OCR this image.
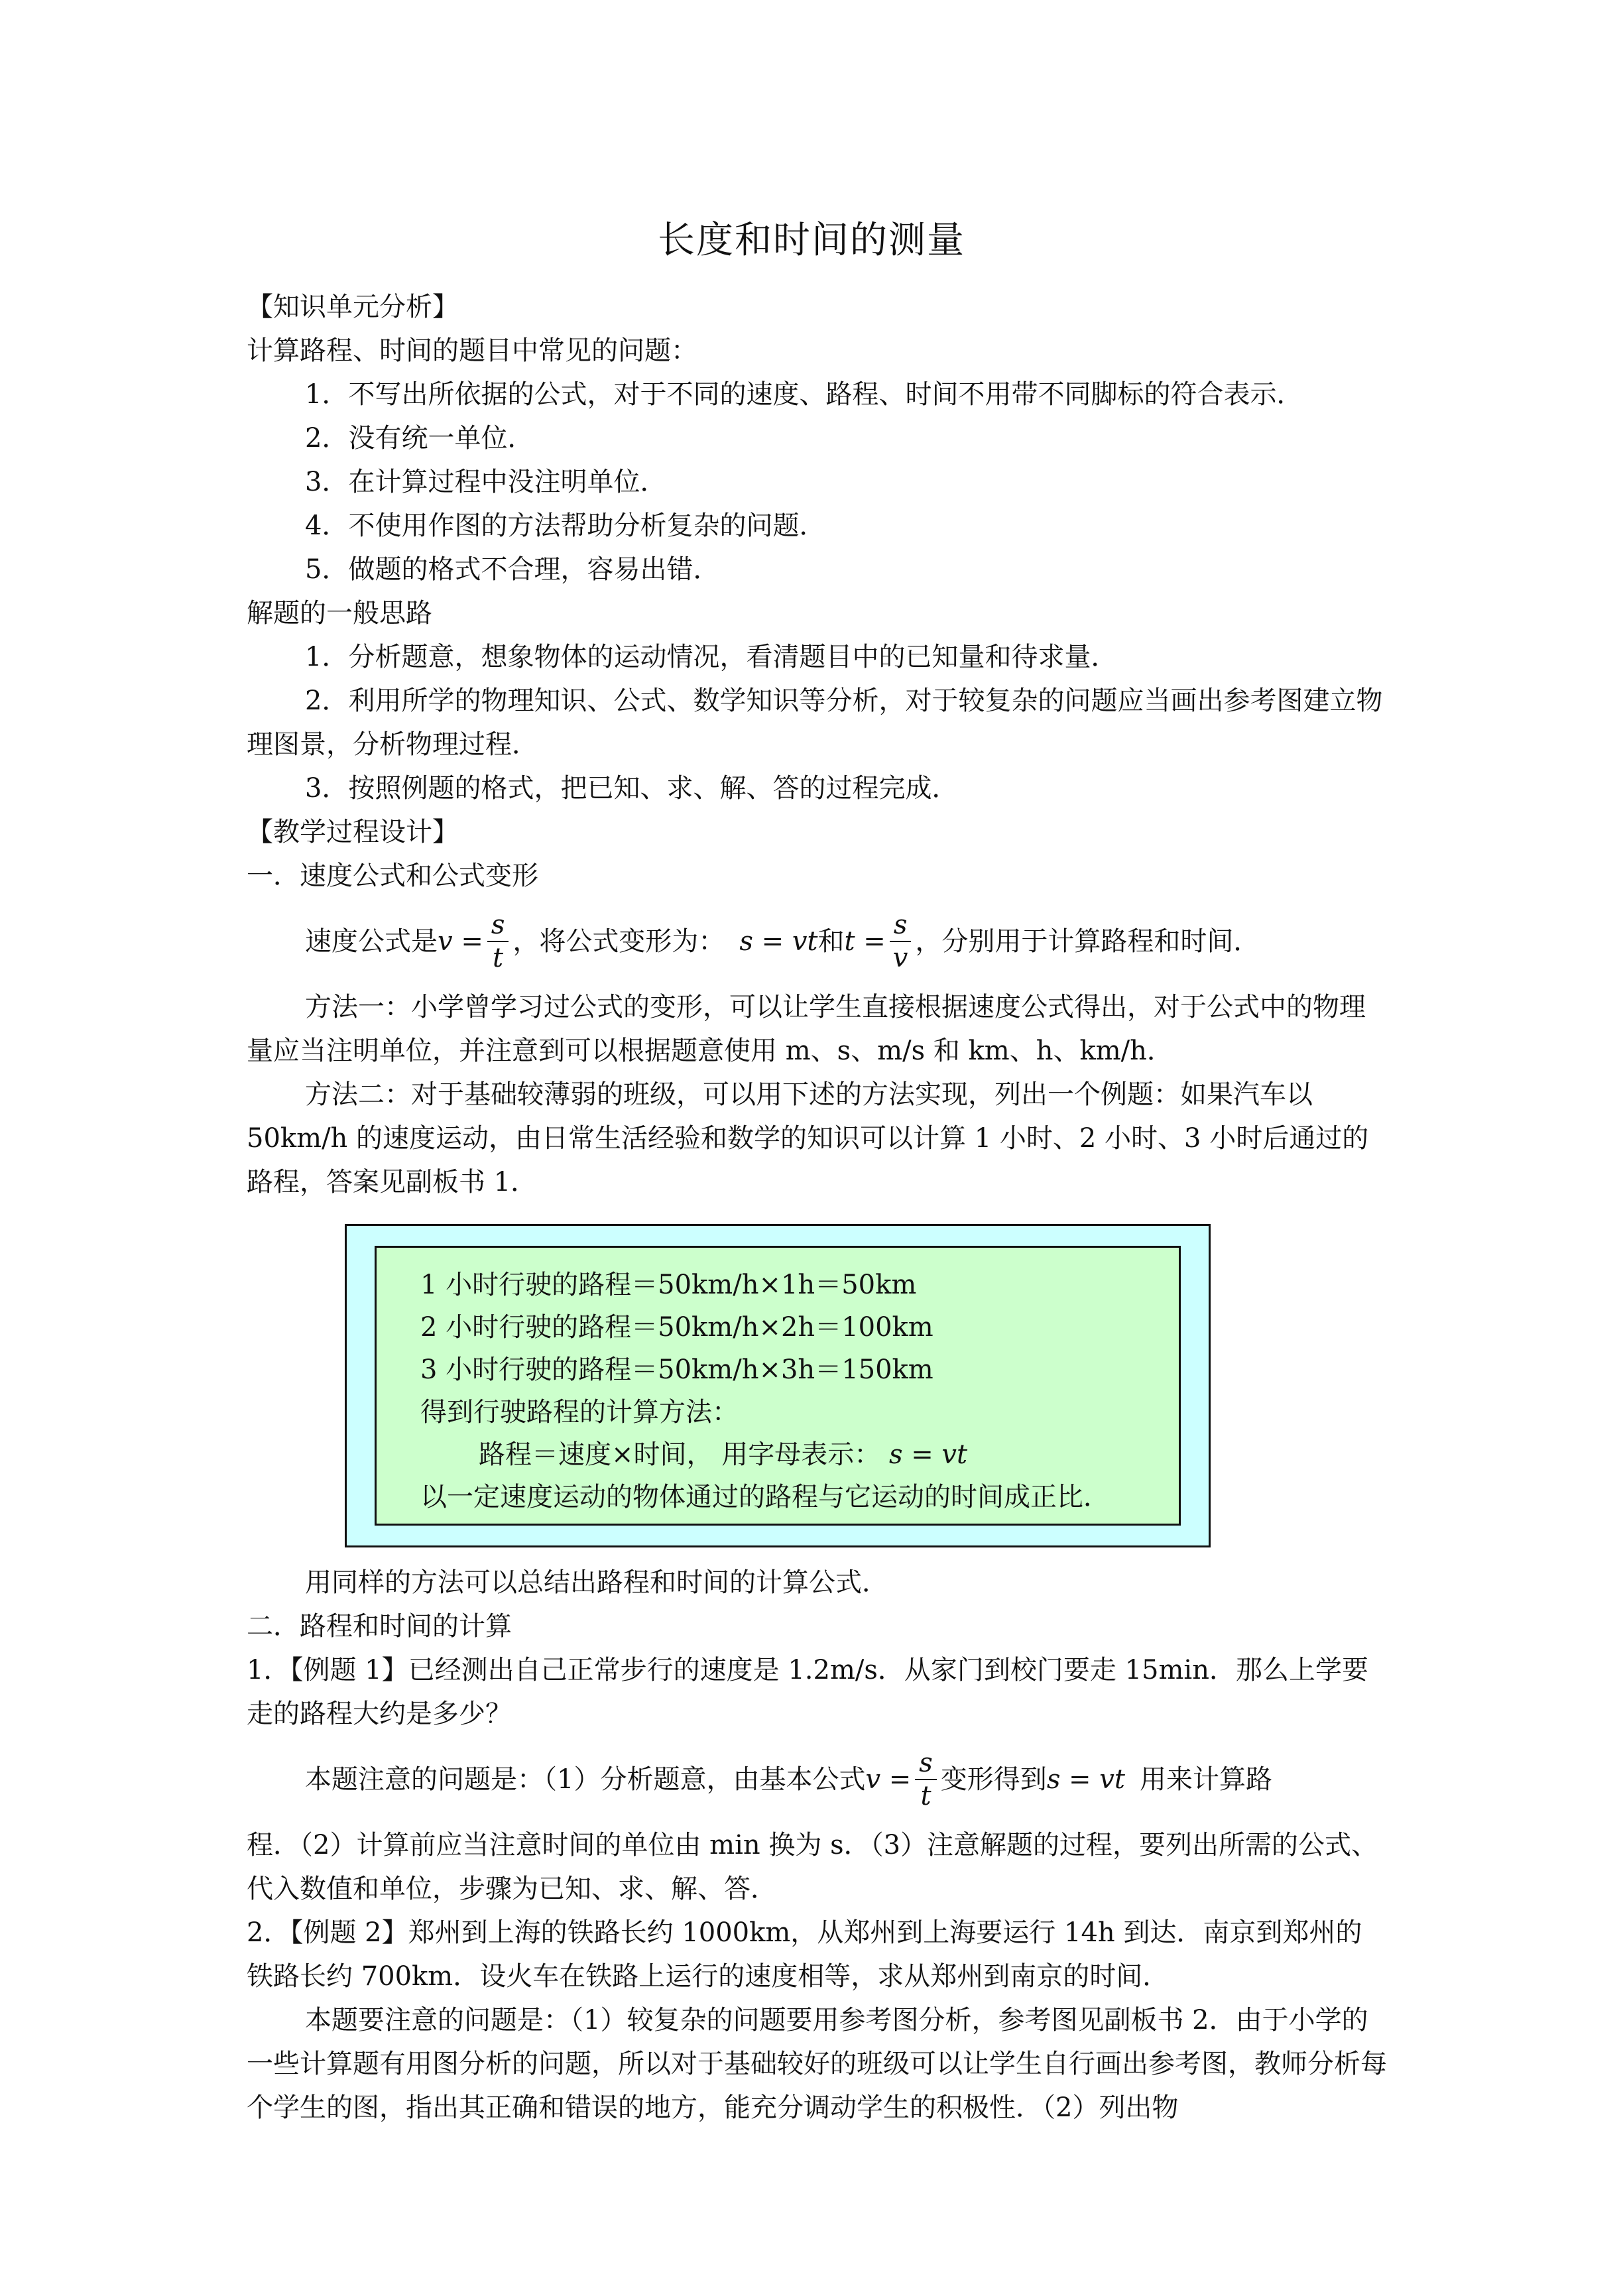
长度和时间的测量

【知识单元分析】

计算路程、时间的题目中常见的问题：

1．不写出所依据的公式，对于不同的速度、路程、时间不用带不同脚标的符合表示．

2．没有统一单位．

3．在计算过程中没注明单位．

4．不使用作图的方法帮助分析复杂的问题．

5．做题的格式不合理，容易出错．

解题的一般思路

1．分析题意，想象物体的运动情况，看清题目中的已知量和待求量．

2．利用所学的物理知识、公式、数学知识等分析，对于较复杂的问题应当画出参考图建立物理图景，分析物理过程．

3．按照例题的格式，把已知、求、解、答的过程完成．

【教学过程设计】

一．速度公式和公式变形

速度公式是 $v = \frac{s}{t}$ ，将公式变形为： s = vt 和 $t = \frac{s}{v}$ ，分别用于计算路程和时间．

方法一：小学曾学习过公式的变形，可以让学生直接根据速度公式得出，对于公式中的物理量应当注明单位，并注意到可以根据题意使用 m、s、m/s 和 km、h、km/h．

方法二：对于基础较薄弱的班级，可以用下述的方法实现，列出一个例题：如果汽车以 50km/h 的速度运动，由日常生活经验和数学的知识可以计算 1 小时、2 小时、3 小时后通过的路程，答案见副板书 1．

1 小时行驶的路程＝50km/h×1h＝50km
2 小时行驶的路程＝50km/h×2h＝100km
3 小时行驶的路程＝50km/h×3h＝150km
得到行驶路程的计算方法：
路程＝速度×时间， 用字母表示： s = vt
以一定速度运动的物体通过的路程与它运动的时间成正比．

用同样的方法可以总结出路程和时间的计算公式．

二．路程和时间的计算

1．【例题 1】已经测出自己正常步行的速度是 1.2m/s．从家门到校门要走 15min．那么上学要走的路程大约是多少？

本题注意的问题是：（1）分析题意，由基本公式 $v = \frac{s}{t}$ 变形得到 s = vt 用来计算路

程．（2）计算前应当注意时间的单位由 min 换为 s．（3）注意解题的过程，要列出所需的公式、代入数值和单位，步骤为已知、求、解、答．

2．【例题 2】郑州到上海的铁路长约 1000km，从郑州到上海要运行 14h 到达．南京到郑州的铁路长约 700km．设火车在铁路上运行的速度相等，求从郑州到南京的时间．

本题要注意的问题是：（1）较复杂的问题要用参考图分析，参考图见副板书 2．由于小学的一些计算题有用图分析的问题，所以对于基础较好的班级可以让学生自行画出参考图，教师分析每个学生的图，指出其正确和错误的地方，能充分调动学生的积极性．（2）列出物
